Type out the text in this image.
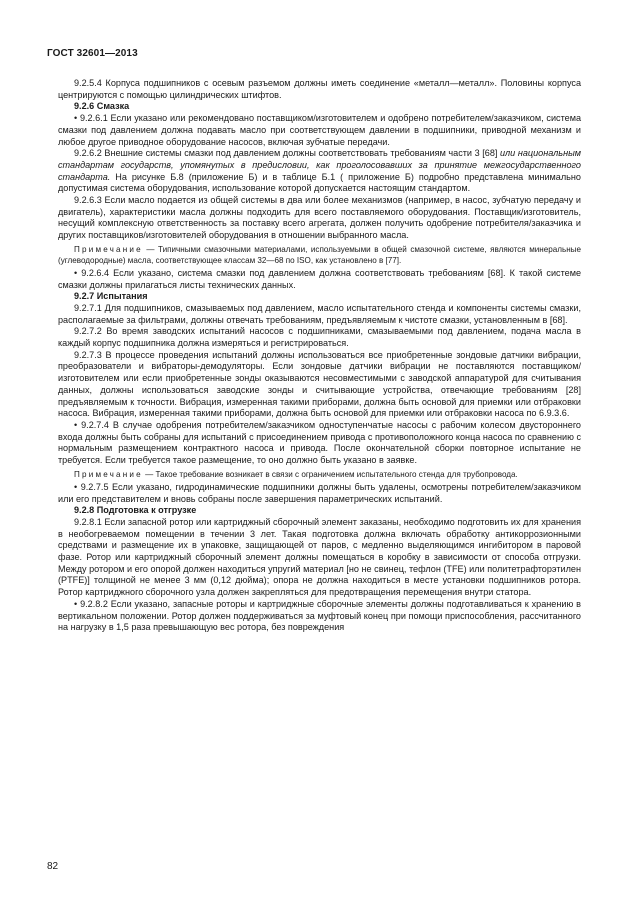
ГОСТ 32601—2013

9.2.5.4 Корпуса подшипников с осевым разъемом должны иметь соединение «металл—металл». Половины корпуса центрируются с помощью цилиндрических штифтов.

9.2.6 Смазка

• 9.2.6.1 Если указано или рекомендовано поставщиком/изготовителем и одобрено потребителем/заказчиком, система смазки под давлением должна подавать масло при соответствующем давлении в подшипники, приводной механизм и любое другое приводное оборудование насосов, включая зубчатые передачи.

9.2.6.2 Внешние системы смазки под давлением должны соответствовать требованиям части 3 [68] или национальным стандартам государств, упомянутых в предисловии, как проголосовавших за принятие межгосударственного стандарта. На рисунке Б.8 (приложение Б) и в таблице Б.1 ( приложение Б) подробно представлена минимально допустимая система оборудования, использование которой допускается настоящим стандартом.

9.2.6.3 Если масло подается из общей системы в два или более механизмов (например, в насос, зубчатую передачу и двигатель), характеристики масла должны подходить для всего поставляемого оборудования. Поставщик/изготовитель, несущий комплексную ответственность за поставку всего агрегата, должен получить одобрение потребителя/заказчика и других поставщиков/изготовителей оборудования в отношении выбранного масла.

Примечание — Типичными смазочными материалами, используемыми в общей смазочной системе, являются минеральные (углеводородные) масла, соответствующее классам 32—68 по ISO, как установлено в [77].

• 9.2.6.4 Если указано, система смазки под давлением должна соответствовать требованиям [68]. К такой системе смазки должны прилагаться листы технических данных.

9.2.7 Испытания

9.2.7.1 Для подшипников, смазываемых под давлением, масло испытательного стенда и компоненты системы смазки, располагаемые за фильтрами, должны отвечать требованиям, предъявляемым к чистоте смазки, установленным в [68].

9.2.7.2 Во время заводских испытаний насосов с подшипниками, смазываемыми под давлением, подача масла в каждый корпус подшипника должна измеряться и регистрироваться.

9.2.7.3 В процессе проведения испытаний должны использоваться все приобретенные зондовые датчики вибрации, преобразователи и вибраторы-демодуляторы. Если зондовые датчики вибрации не поставляются поставщиком/изготовителем или если приобретенные зонды оказываются несовместимыми с заводской аппаратурой для считывания данных, должны использоваться заводские зонды и считывающие устройства, отвечающие требованиям [28] предъявляемым к точности. Вибрация, измеренная такими приборами, должна быть основой для приемки или отбраковки насоса. Вибрация, измеренная такими приборами, должна быть основой для приемки или отбраковки насоса по 6.9.3.6.

• 9.2.7.4 В случае одобрения потребителем/заказчиком одноступенчатые насосы с рабочим колесом двустороннего входа должны быть собраны для испытаний с присоединением привода с противоположного конца насоса по сравнению с нормальным размещением контрактного насоса и привода. После окончательной сборки повторное испытание не требуется. Если требуется такое размещение, то оно должно быть указано в заявке.

Примечание — Такое требование возникает в связи с ограничением испытательного стенда для трубопровода.

• 9.2.7.5 Если указано, гидродинамические подшипники должны быть удалены, осмотрены потребителем/заказчиком или его представителем и вновь собраны после завершения параметрических испытаний.

9.2.8 Подготовка к отгрузке

9.2.8.1 Если запасной ротор или картриджный сборочный элемент заказаны, необходимо подготовить их для хранения в необогреваемом помещении в течении 3 лет. Такая подготовка должна включать обработку антикоррозионными средствами и размещение их в упаковке, защищающей от паров, с медленно выделяющимся ингибитором в паровой фазе. Ротор или картриджный сборочный элемент должны помещаться в коробку в зависимости от способа отгрузки. Между ротором и его опорой должен находиться упругий материал [но не свинец, тефлон (TFE) или политетрафторэтилен (PTFE)] толщиной не менее 3 мм (0,12 дюйма); опора не должна находиться в месте установки подшипников ротора. Ротор картриджного сборочного узла должен закрепляться для предотвращения перемещения внутри статора.

• 9.2.8.2 Если указано, запасные роторы и картриджные сборочные элементы должны подготавливаться к хранению в вертикальном положении. Ротор должен поддерживаться за муфтовый конец при помощи приспособления, рассчитанного на нагрузку в 1,5 раза превышающую вес ротора, без повреждения

82
